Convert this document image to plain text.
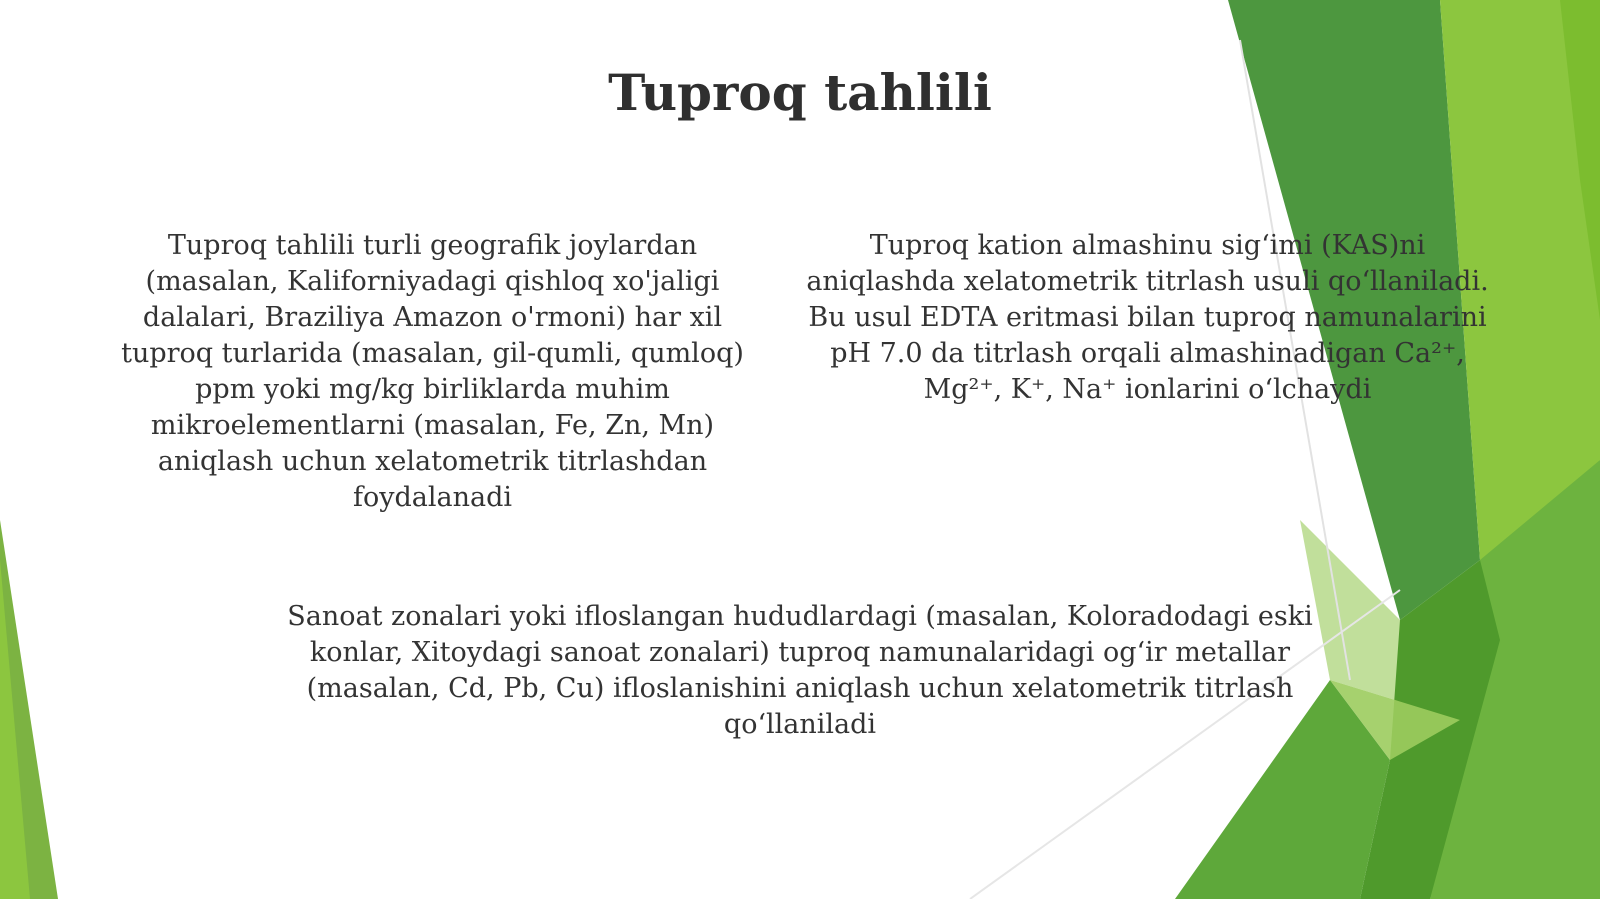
Tuproq tahlili

Tuproq tahlili turli geografik joylardan (masalan, Kaliforniyadagi qishloq xo'jaligi dalalari, Braziliya Amazon o'rmoni) har xil tuproq turlarida (masalan, gil-qumli, qumloq) ppm yoki mg/kg birliklarda muhim mikroelementlarni (masalan, Fe, Zn, Mn) aniqlash uchun xelatometrik titrlashdan foydalanadi

Tuproq kation almashinu sig‘imi (KAS)ni aniqlashda xelatometrik titrlash usuli qo‘llaniladi. Bu usul EDTA eritmasi bilan tuproq namunalarini pH 7.0 da titrlash orqali almashinadigan Ca²⁺, Mg²⁺, K⁺, Na⁺ ionlarini o‘lchaydi

Sanoat zonalari yoki ifloslangan hududlardagi (masalan, Koloradodagi eski konlar, Xitoydagi sanoat zonalari) tuproq namunalaridagi og‘ir metallar (masalan, Cd, Pb, Cu) ifloslanishini aniqlash uchun xelatometrik titrlash qo‘llaniladi
